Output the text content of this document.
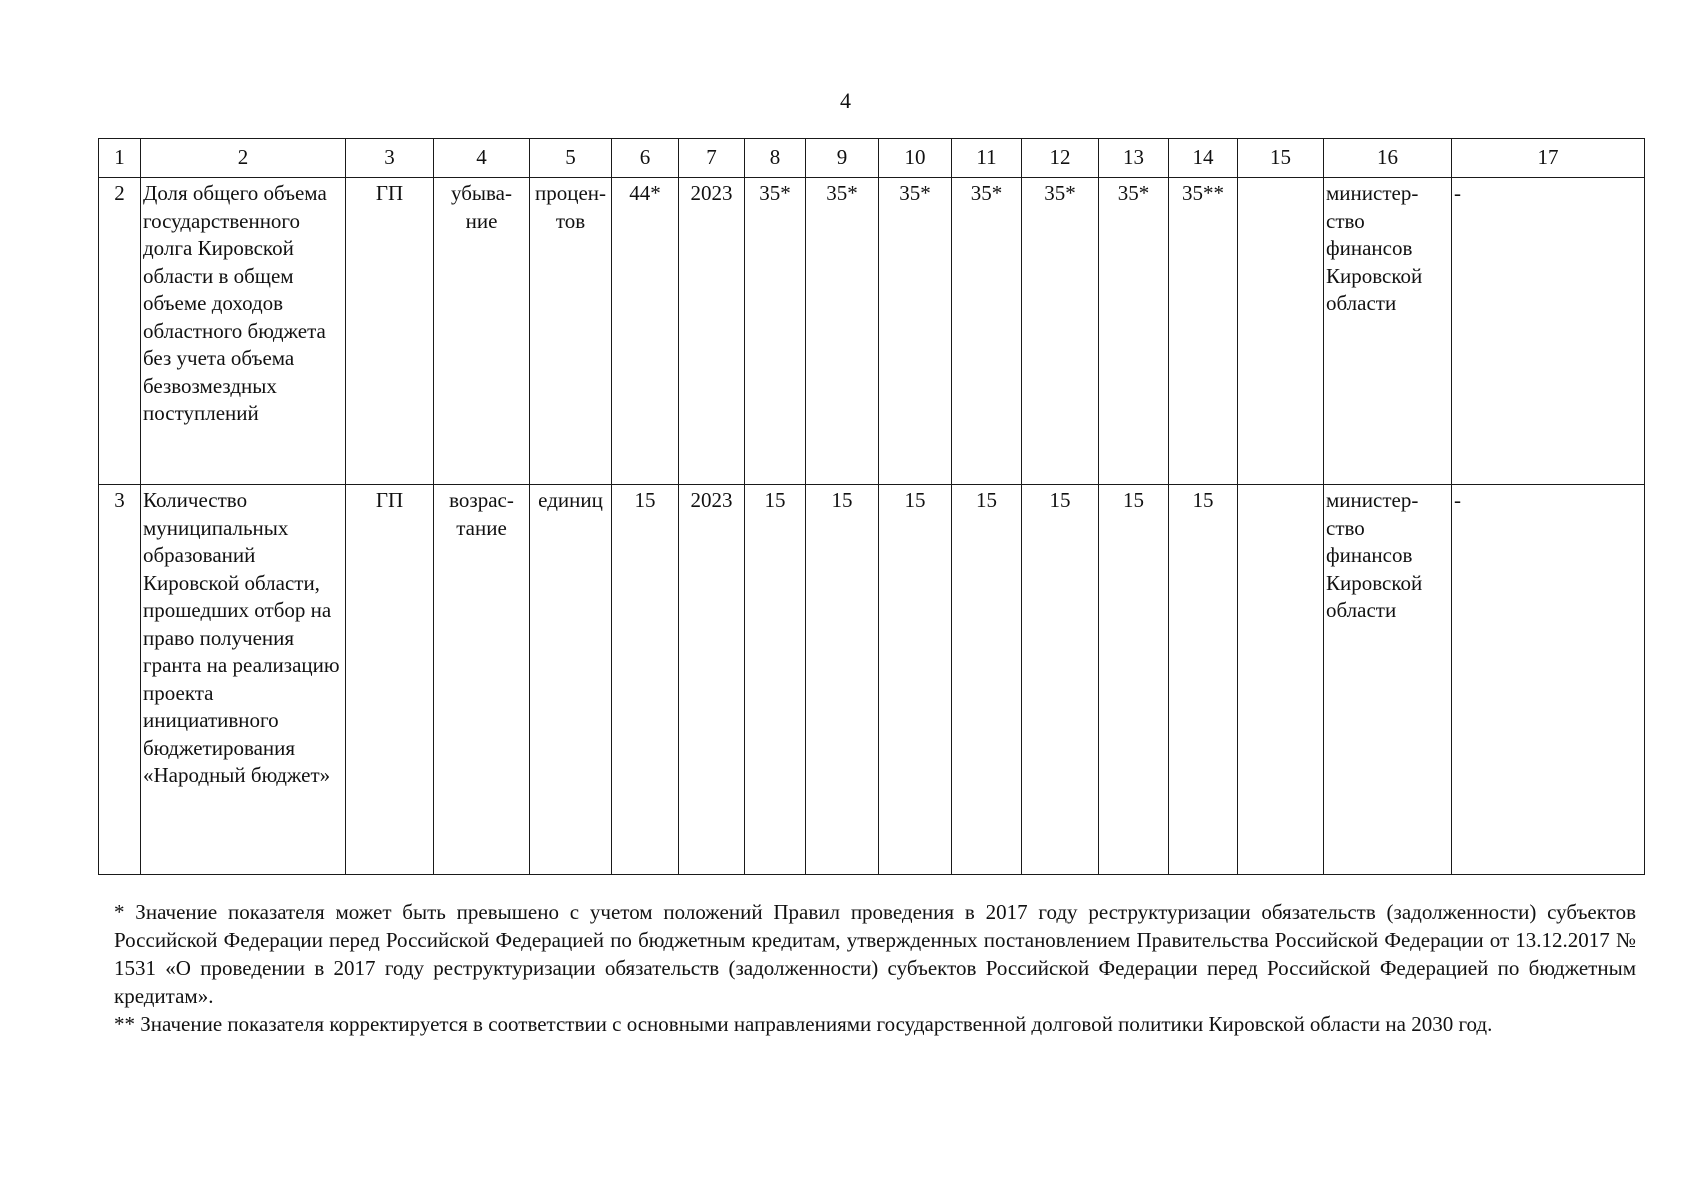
4
1	2	3	4	5	6	7	8	9	10	11	12	13	14	15	16	17
2	Доля общего объема государственного долга Кировской области в общем объеме доходов областного бюджета без учета объема безвозмездных поступлений	ГП	убыва-ние	процен-тов	44*	2023	35*	35*	35*	35*	35*	35*	35**		министер-ство финансов Кировской области	-
3	Количество муниципальных образований Кировской области, прошедших отбор на право получения гранта на реализацию проекта инициативного бюджетирования «Народный бюджет»	ГП	возрас-тание	единиц	15	2023	15	15	15	15	15	15	15		министер-ство финансов Кировской области	-

* Значение показателя может быть превышено с учетом положений Правил проведения в 2017 году реструктуризации обязательств (задолженности) субъектов Российской Федерации перед Российской Федерацией по бюджетным кредитам, утвержденных постановлением Правительства Российской Федерации от 13.12.2017 № 1531 «О проведении в 2017 году реструктуризации обязательств (задолженности) субъектов Российской Федерации перед Российской Федерацией по бюджетным кредитам».

** Значение показателя корректируется в соответствии с основными направлениями государственной долговой политики Кировской области на 2030 год.
